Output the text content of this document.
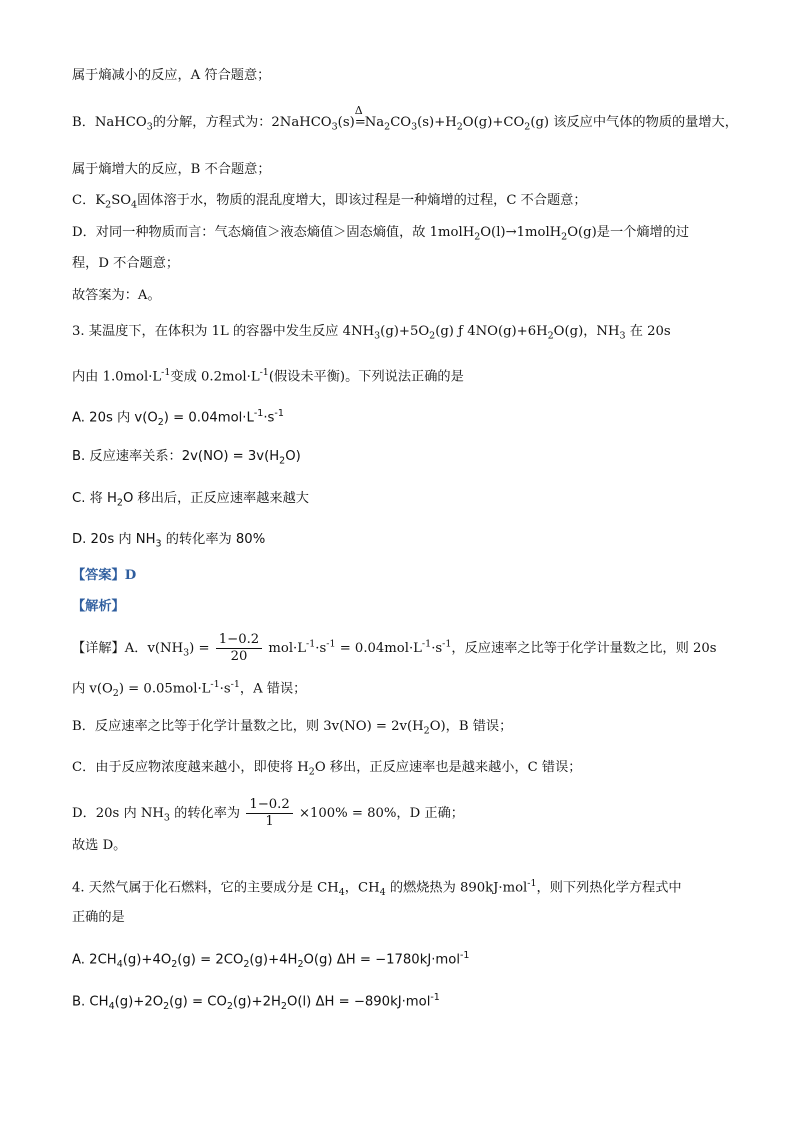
属于熵减小的反应，A 符合题意；
B．NaHCO$_3$的分解，方程式为：2NaHCO$_3$(s)
Δ
$=Na_2CO_3(s)+H_2O(g)+CO_2(g)$ 该反应中气体的物质的量增大，
属于熵增大的反应，B 不合题意；
C．$K_2SO_4$固体溶于水，物质的混乱度增大，即该过程是一种熵增的过程，C 不合题意；
D．对同一种物质而言：气态熵值＞液态熵值＞固态熵值，故 1molH$_2$O(l)→1molH$_2$O(g)是一个熵增的过
程，D 不合题意；
故答案为：A。
3. 某温度下，在体积为 1L 的容器中发生反应 $4NH_3(g)+5O_2(g)$ ƒ $4NO(g)+6H_2O(g)$，$NH_3$ 在 20s
内由 $1.0mol\cdot L^{-1}$变成 $0.2mol\cdot L^{-1}$(假设未平衡)。下列说法正确的是
A. 20s 内 $v(O_2) = 0.04mol\cdot L^{-1}\cdot s^{-1}$
B. 反应速率关系：$2v(NO) = 3v(H_2O)$
C. 将 $H_2O$ 移出后，正反应速率越来越大
D. 20s 内 $NH_3$ 的转化率为 80%
【答案】D
【解析】
【详解】A．$v(NH_3) = \frac{1-0.2}{20} mol\cdot L^{-1}\cdot s^{-1} = 0.04mol\cdot L^{-1}\cdot s^{-1}$，反应速率之比等于化学计量数之比，则 20s
内 $v(O_2) = 0.05mol\cdot L^{-1}\cdot s^{-1}$，A 错误；
B．反应速率之比等于化学计量数之比，则 $3v(NO) = 2v(H_2O)$，B 错误；
C．由于反应物浓度越来越小，即使将 $H_2O$ 移出，正反应速率也是越来越小，C 错误；
D．20s 内 $NH_3$ 的转化率为 $\frac{1-0.2}{1} \times 100\% = 80\%$，D 正确；
故选 D。
4. 天然气属于化石燃料，它的主要成分是 $CH_4$，$CH_4$ 的燃烧热为 890kJ·mol$^{-1}$，则下列热化学方程式中
正确的是
A. $2CH_4(g)+4O_2(g) = 2CO_2(g)+4H_2O(g) \Delta H = -1780kJ\cdot mol^{-1}$
B. $CH_4(g)+2O_2(g) = CO_2(g)+2H_2O(l) \Delta H = -890kJ\cdot mol^{-1}$
